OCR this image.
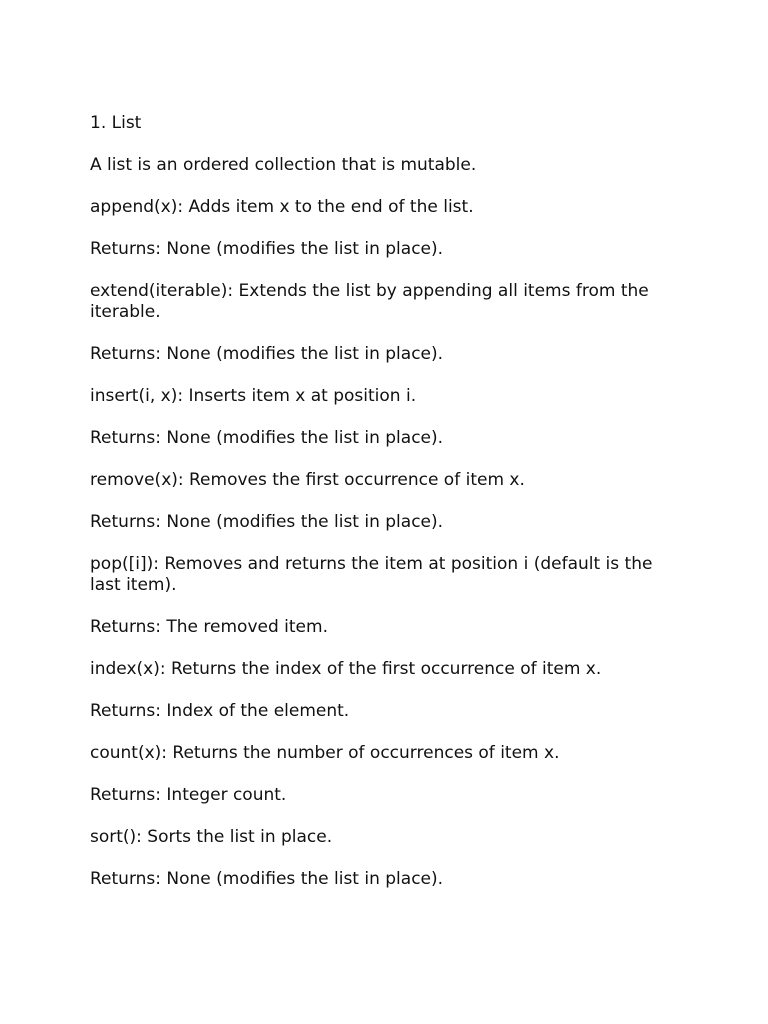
1. List

A list is an ordered collection that is mutable.

append(x): Adds item x to the end of the list.

Returns: None (modifies the list in place).

extend(iterable): Extends the list by appending all items from the iterable.

Returns: None (modifies the list in place).

insert(i, x): Inserts item x at position i.

Returns: None (modifies the list in place).

remove(x): Removes the first occurrence of item x.

Returns: None (modifies the list in place).

pop([i]): Removes and returns the item at position i (default is the last item).

Returns: The removed item.

index(x): Returns the index of the first occurrence of item x.

Returns: Index of the element.

count(x): Returns the number of occurrences of item x.

Returns: Integer count.

sort(): Sorts the list in place.

Returns: None (modifies the list in place).
